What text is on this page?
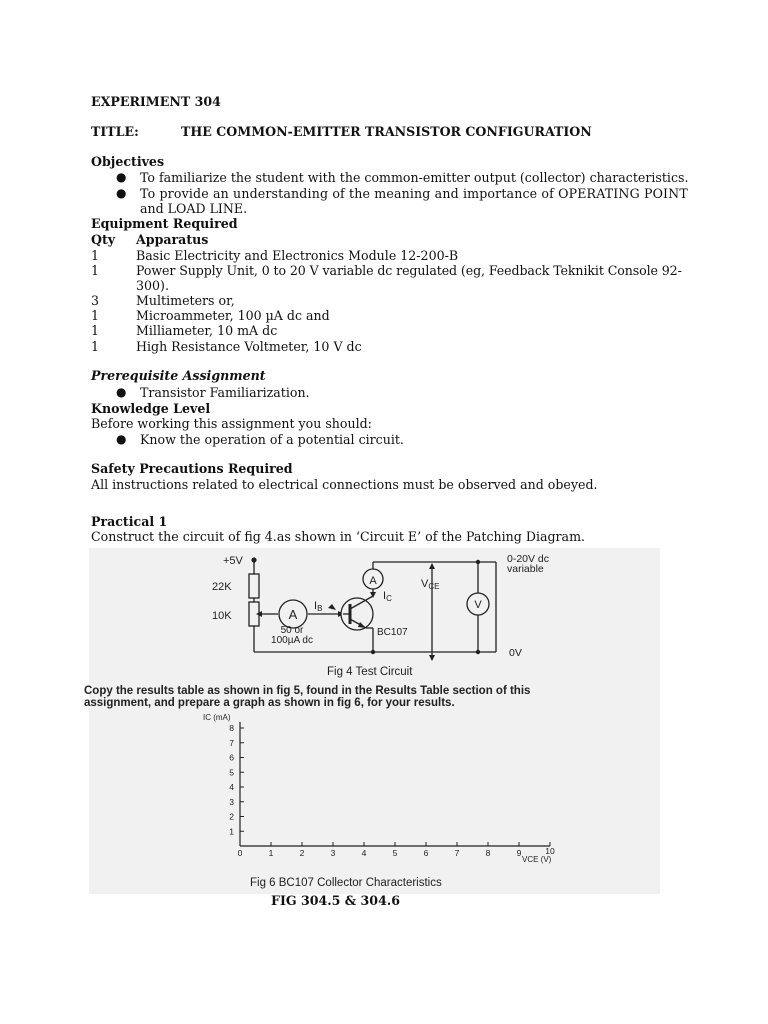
EXPERIMENT 304
TITLE:	THE COMMON-EMITTER TRANSISTOR CONFIGURATION
Objectives
● To familiarize the student with the common-emitter output (collector) characteristics.
● To provide an understanding of the meaning and importance of OPERATING POINT
and LOAD LINE.
Equipment Required
Qty Apparatus
1	Basic Electricity and Electronics Module 12-200-B
1	Power Supply Unit, 0 to 20 V variable dc regulated (eg, Feedback Teknikit Console 92-
300).
3	Multimeters or,
1	Microammeter, 100 µA dc and
1	Milliameter, 10 mA dc
1	High Resistance Voltmeter, 10 V dc
Prerequisite Assignment
● Transistor Familiarization.
Knowledge Level
Before working this assignment you should:
● Know the operation of a potential circuit.
Safety Precautions Required
All instructions related to electrical connections must be observed and obeyed.
Practical 1
Construct the circuit of fig 4.as shown in ‘Circuit E’ of the Patching Diagram.
A
A
V
+5V
22K
10K
IB
IC
VCE
50 or
100µA dc
BC107
0-20V dc
variable
0V
Fig 4 Test Circuit
Copy the results table as shown in fig 5, found in the Results Table section of this
assignment, and prepare a graph as shown in fig 6, for your results.
IC (mA)
VCE (V)
Fig 6 BC107 Collector Characteristics
0	1	2	3	4	5	6	7	8	9	10
1
2
3
4
5
6
7
8
FIG 304.5 & 304.6
